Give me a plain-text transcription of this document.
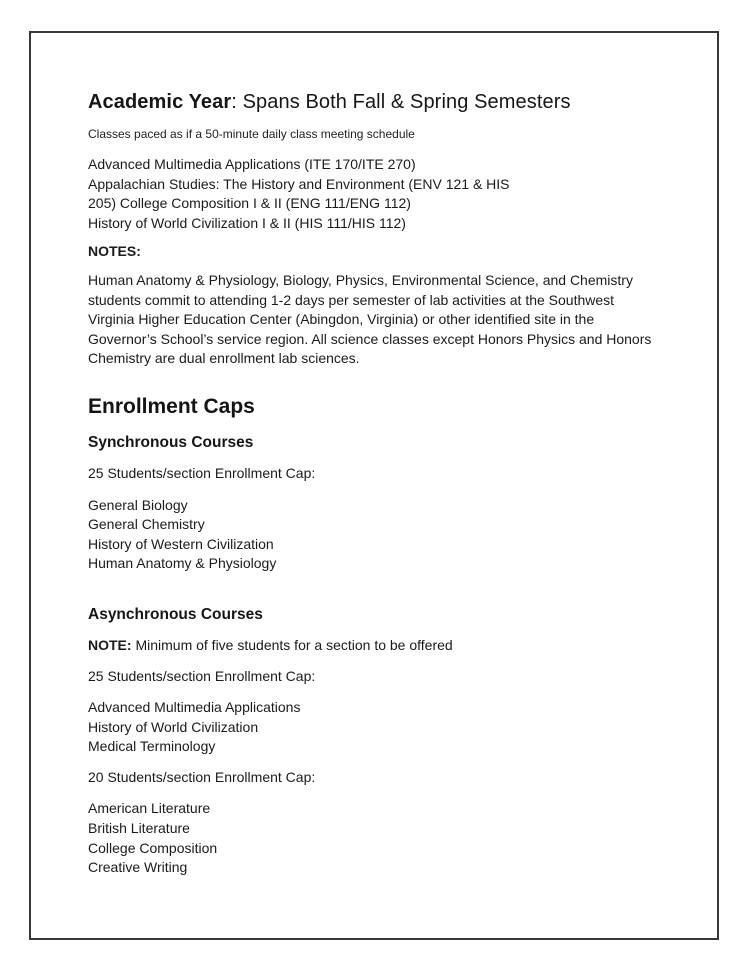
Academic Year: Spans Both Fall & Spring Semesters
Classes paced as if a 50-minute daily class meeting schedule
Advanced Multimedia Applications (ITE 170/ITE 270)
Appalachian Studies: The History and Environment (ENV 121 & HIS
205) College Composition I & II (ENG 111/ENG 112)
History of World Civilization I & II (HIS 111/HIS 112)
NOTES:
Human Anatomy & Physiology, Biology, Physics, Environmental Science, and Chemistry students commit to attending 1-2 days per semester of lab activities at the Southwest Virginia Higher Education Center (Abingdon, Virginia) or other identified site in the Governor’s School’s service region. All science classes except Honors Physics and Honors Chemistry are dual enrollment lab sciences.
Enrollment Caps
Synchronous Courses
25 Students/section Enrollment Cap:
General Biology
General Chemistry
History of Western Civilization
Human Anatomy & Physiology
Asynchronous Courses
NOTE: Minimum of five students for a section to be offered
25 Students/section Enrollment Cap:
Advanced Multimedia Applications
History of World Civilization
Medical Terminology
20 Students/section Enrollment Cap:
American Literature
British Literature
College Composition
Creative Writing
